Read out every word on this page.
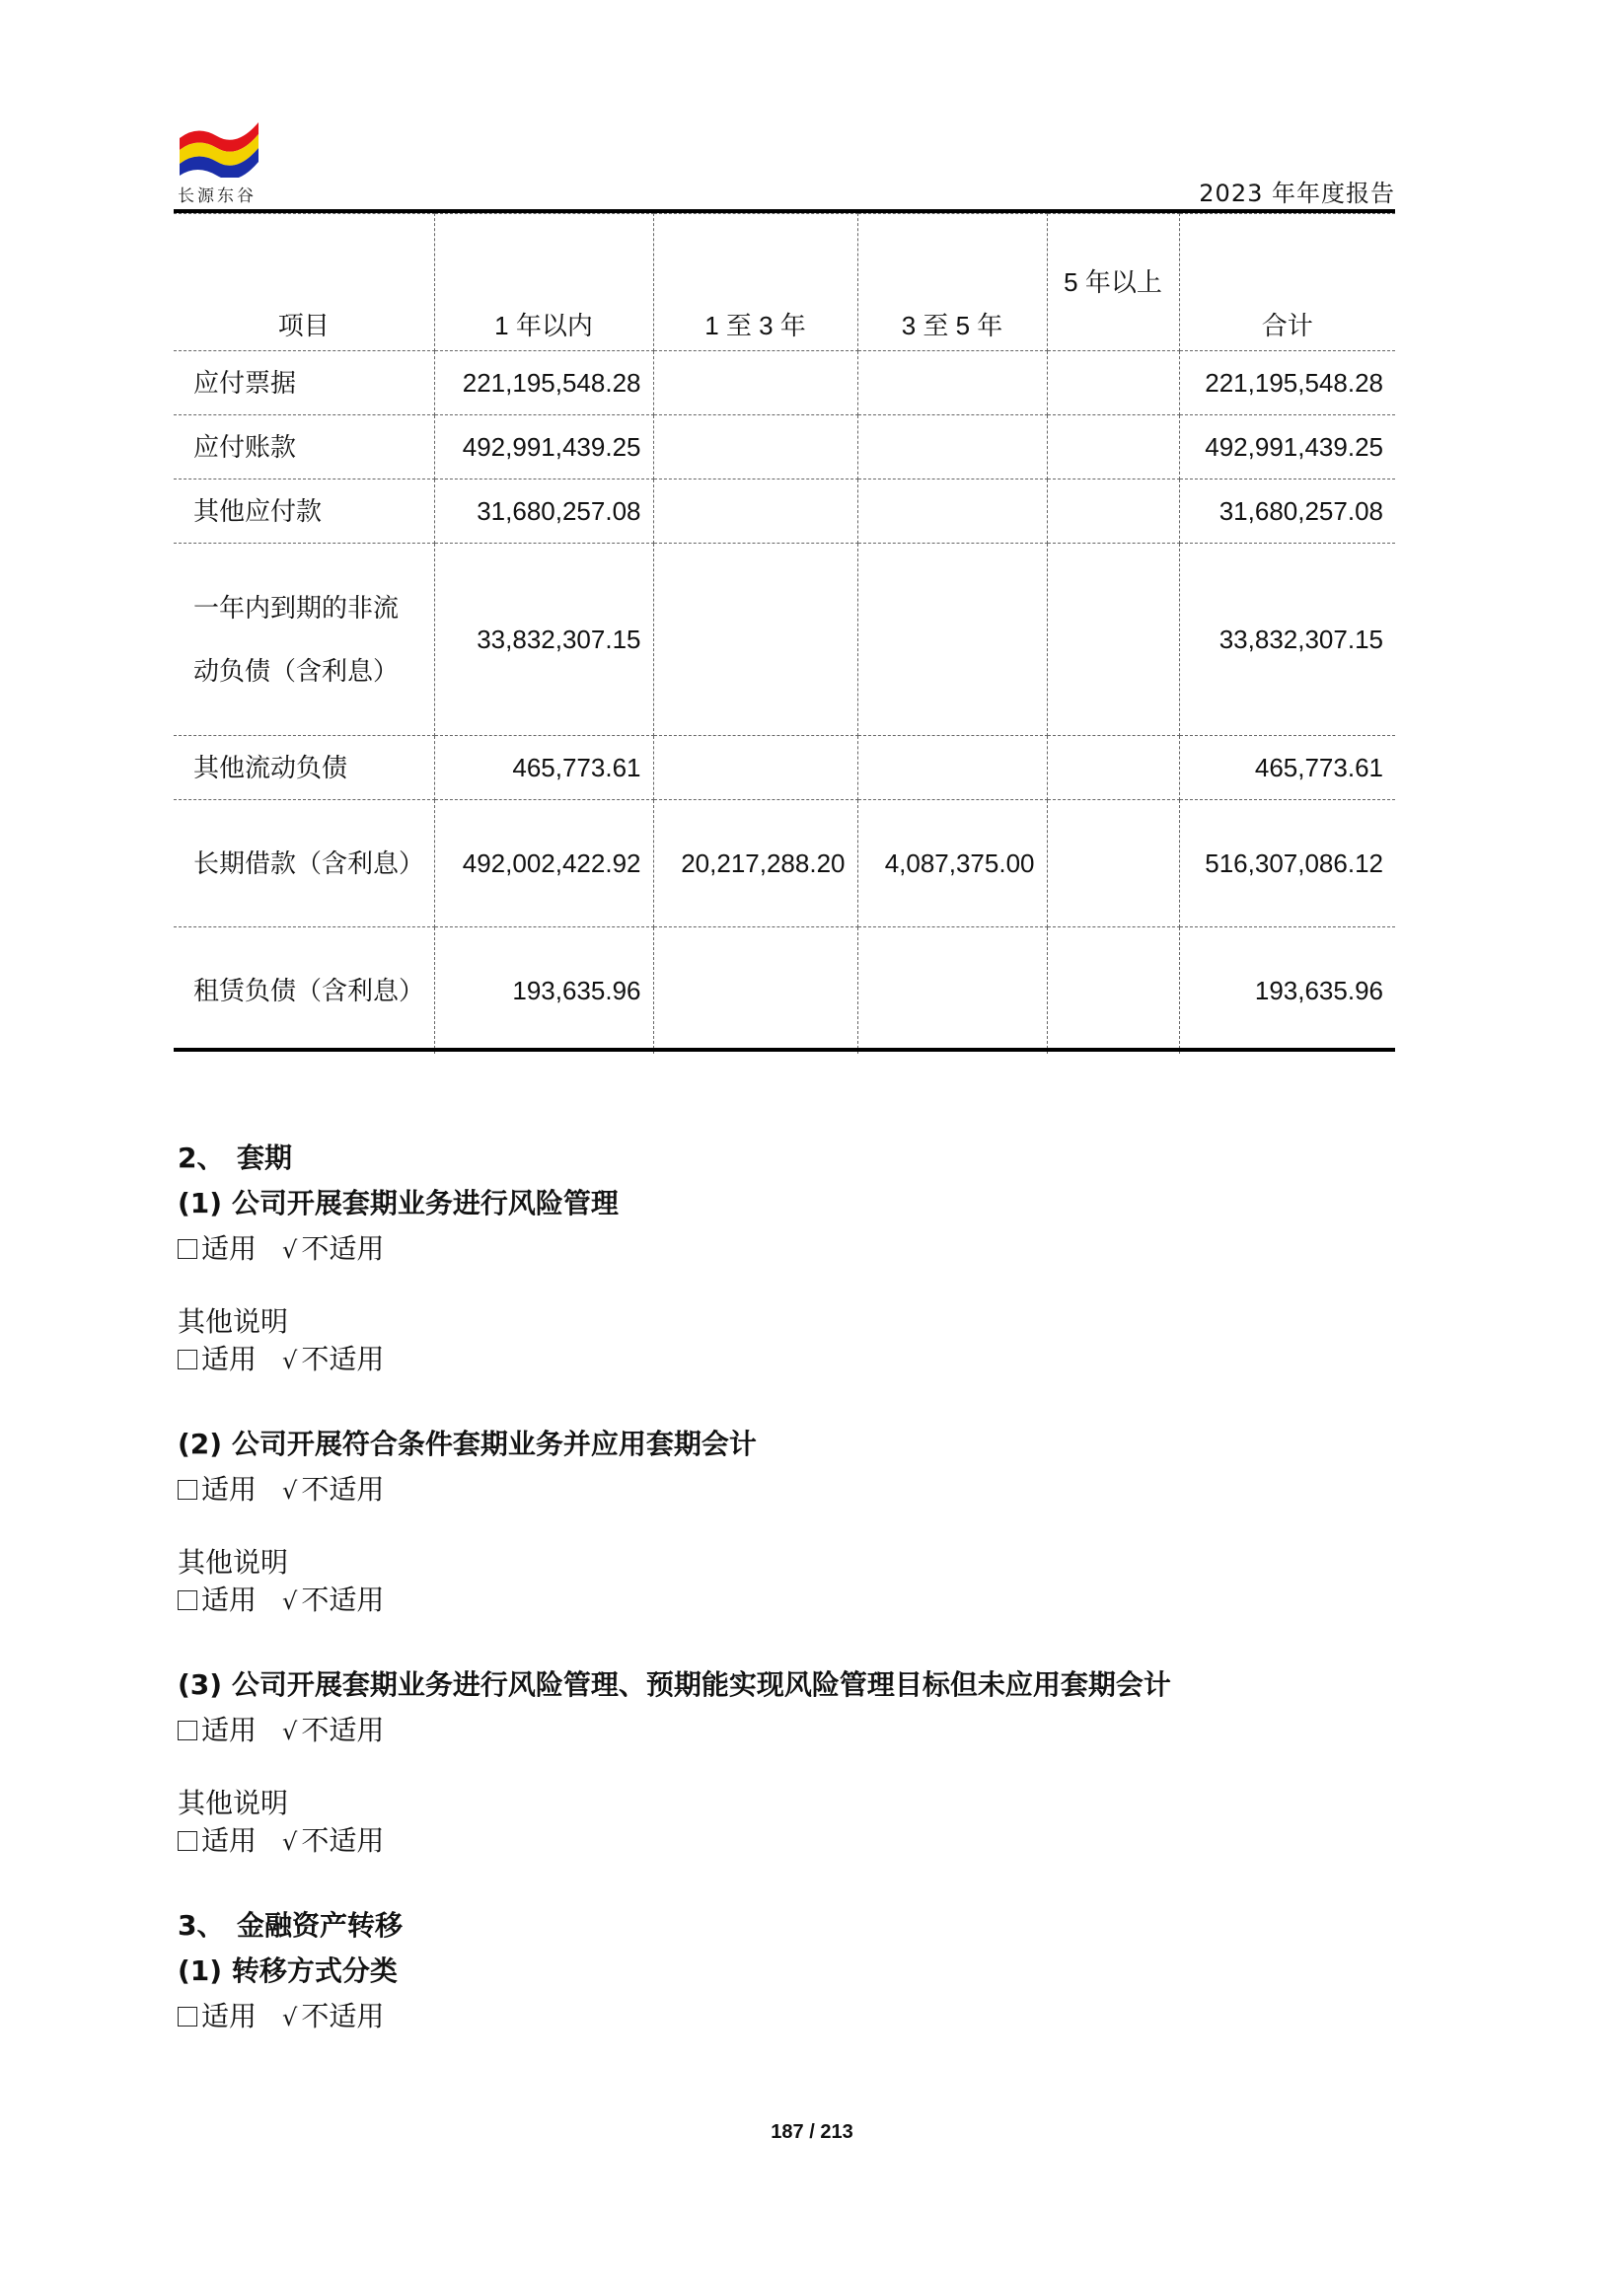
长源东谷	2023 年年度报告
项目	1 年以内	1 至 3 年	3 至 5 年	5 年以上	合计
应付票据	221,195,548.28				221,195,548.28
应付账款	492,991,439.25				492,991,439.25
其他应付款	31,680,257.08				31,680,257.08
一年内到期的非流动负债（含利息）	33,832,307.15				33,832,307.15
其他流动负债	465,773.61				465,773.61
长期借款（含利息）	492,002,422.92	20,217,288.20	4,087,375.00		516,307,086.12
租赁负债（含利息）	193,635.96				193,635.96
2、 套期
(1) 公司开展套期业务进行风险管理
适用 √ 不适用
其他说明
适用 √ 不适用
(2) 公司开展符合条件套期业务并应用套期会计
适用 √ 不适用
其他说明
适用 √ 不适用
(3) 公司开展套期业务进行风险管理、预期能实现风险管理目标但未应用套期会计
适用 √ 不适用
其他说明
适用 √ 不适用
3、 金融资产转移
(1) 转移方式分类
适用 √ 不适用
187 / 213
